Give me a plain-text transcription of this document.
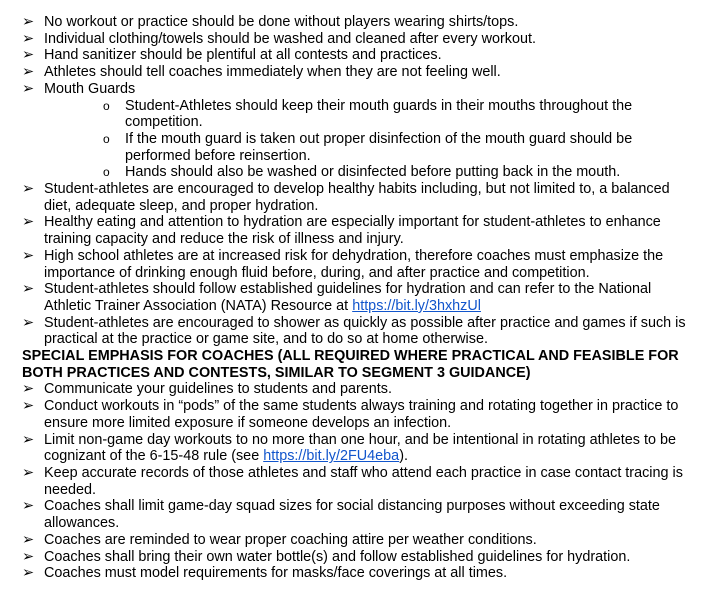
➢ No workout or practice should be done without players wearing shirts/tops.
➢ Individual clothing/towels should be washed and cleaned after every workout.
➢ Hand sanitizer should be plentiful at all contests and practices.
➢ Athletes should tell coaches immediately when they are not feeling well.
➢ Mouth Guards
o Student-Athletes should keep their mouth guards in their mouths throughout the competition.
o If the mouth guard is taken out proper disinfection of the mouth guard should be performed before reinsertion.
o Hands should also be washed or disinfected before putting back in the mouth.
➢ Student-athletes are encouraged to develop healthy habits including, but not limited to, a balanced diet, adequate sleep, and proper hydration.
➢ Healthy eating and attention to hydration are especially important for student-athletes to enhance training capacity and reduce the risk of illness and injury.
➢ High school athletes are at increased risk for dehydration, therefore coaches must emphasize the importance of drinking enough fluid before, during, and after practice and competition.
➢ Student-athletes should follow established guidelines for hydration and can refer to the National Athletic Trainer Association (NATA) Resource at https://bit.ly/3hxhzUl
➢ Student-athletes are encouraged to shower as quickly as possible after practice and games if such is practical at the practice or game site, and to do so at home otherwise.
SPECIAL EMPHASIS FOR COACHES (ALL REQUIRED WHERE PRACTICAL AND FEASIBLE FOR BOTH PRACTICES AND CONTESTS, SIMILAR TO SEGMENT 3 GUIDANCE)
➢ Communicate your guidelines to students and parents.
➢ Conduct workouts in “pods” of the same students always training and rotating together in practice to ensure more limited exposure if someone develops an infection.
➢ Limit non-game day workouts to no more than one hour, and be intentional in rotating athletes to be cognizant of the 6-15-48 rule (see https://bit.ly/2FU4eba).
➢ Keep accurate records of those athletes and staff who attend each practice in case contact tracing is needed.
➢ Coaches shall limit game-day squad sizes for social distancing purposes without exceeding state allowances.
➢ Coaches are reminded to wear proper coaching attire per weather conditions.
➢ Coaches shall bring their own water bottle(s) and follow established guidelines for hydration.
➢ Coaches must model requirements for masks/face coverings at all times.
